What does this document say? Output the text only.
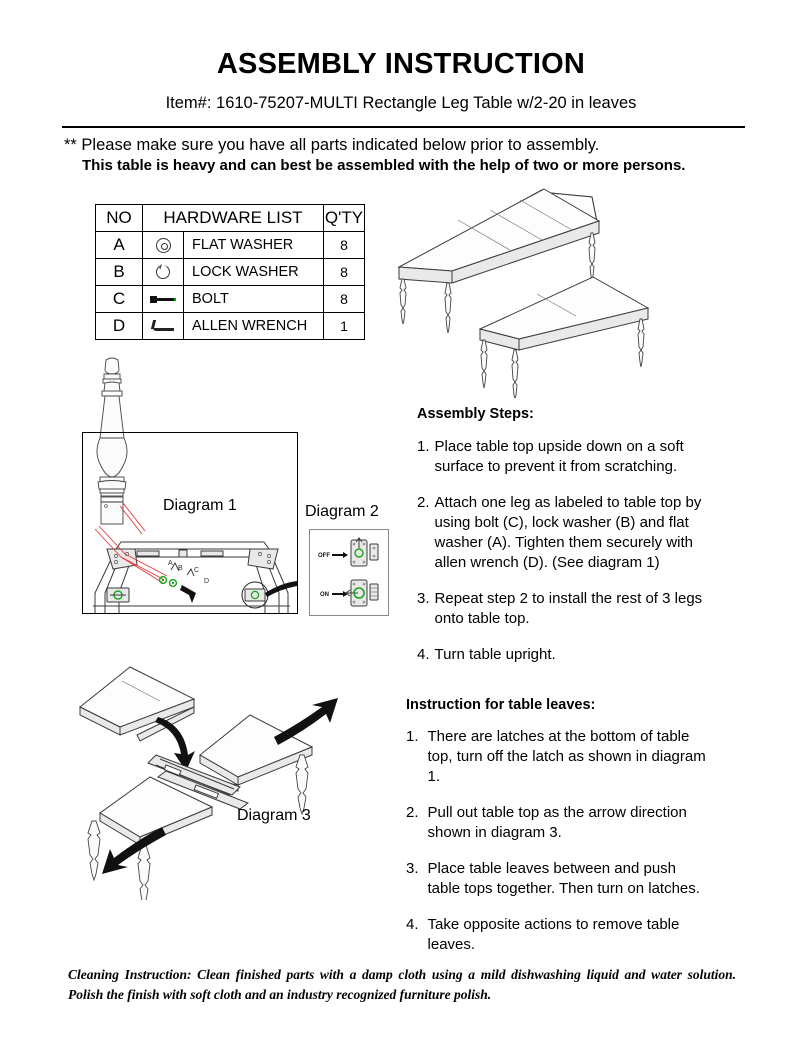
ASSEMBLY INSTRUCTION
Item#: 1610-75207-MULTI Rectangle Leg Table w/2-20 in leaves
** Please make sure you have all parts indicated below prior to assembly.
This table is heavy and can best be assembled with the help of two or more persons.
NO	HARDWARE LIST		Q'TY
A		FLAT WASHER	8
B		LOCK WASHER	8
C		BOLT	8
D		ALLEN WRENCH	1
A
B C
D
Diagram 1	Diagram 2
OFF
ON
Diagram 3
Assembly Steps:
1. Place table top upside down on a soft surface to prevent it from scratching.
2. Attach one leg as labeled to table top by using bolt (C), lock washer (B) and flat washer (A). Tighten them securely with allen wrench (D). (See diagram 1)
3. Repeat step 2 to install the rest of 3 legs onto table top.
4. Turn table upright.
Instruction for table leaves:
1. There are latches at the bottom of table top, turn off the latch as shown in diagram 1.
2. Pull out table top as the arrow direction shown in diagram 3.
3. Place table leaves between and push table tops together. Then turn on latches.
4. Take opposite actions to remove table leaves.
Cleaning Instruction: Clean finished parts with a damp cloth using a mild dishwashing liquid and water solution. Polish the finish with soft cloth and an industry recognized furniture polish.
